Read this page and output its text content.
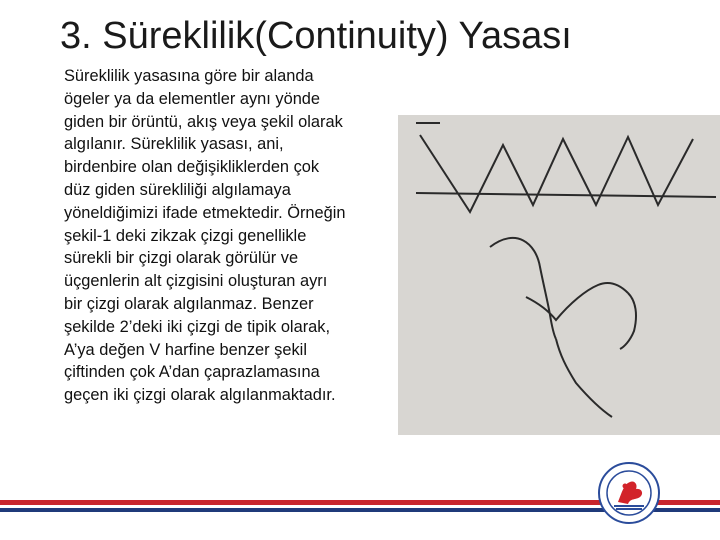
3. Süreklilik(Continuity) Yasası
Süreklilik yasasına göre bir alanda
ögeler ya da elementler aynı yönde
giden bir örüntü, akış veya şekil olarak
algılanır. Süreklilik yasası, ani,
birdenbire olan değişikliklerden çok
düz giden sürekliliği algılamaya
yöneldiğimizi ifade etmektedir. Örneğin
şekil-1 deki zikzak çizgi genellikle
sürekli bir çizgi olarak görülür ve
üçgenlerin alt çizgisini oluşturan ayrı
bir çizgi olarak algılanmaz. Benzer
şekilde 2’deki iki çizgi de tipik olarak,
A’ya değen V harfine benzer şekil
çiftinden çok A’dan çaprazlamasına
geçen iki çizgi olarak algılanmaktadır.
